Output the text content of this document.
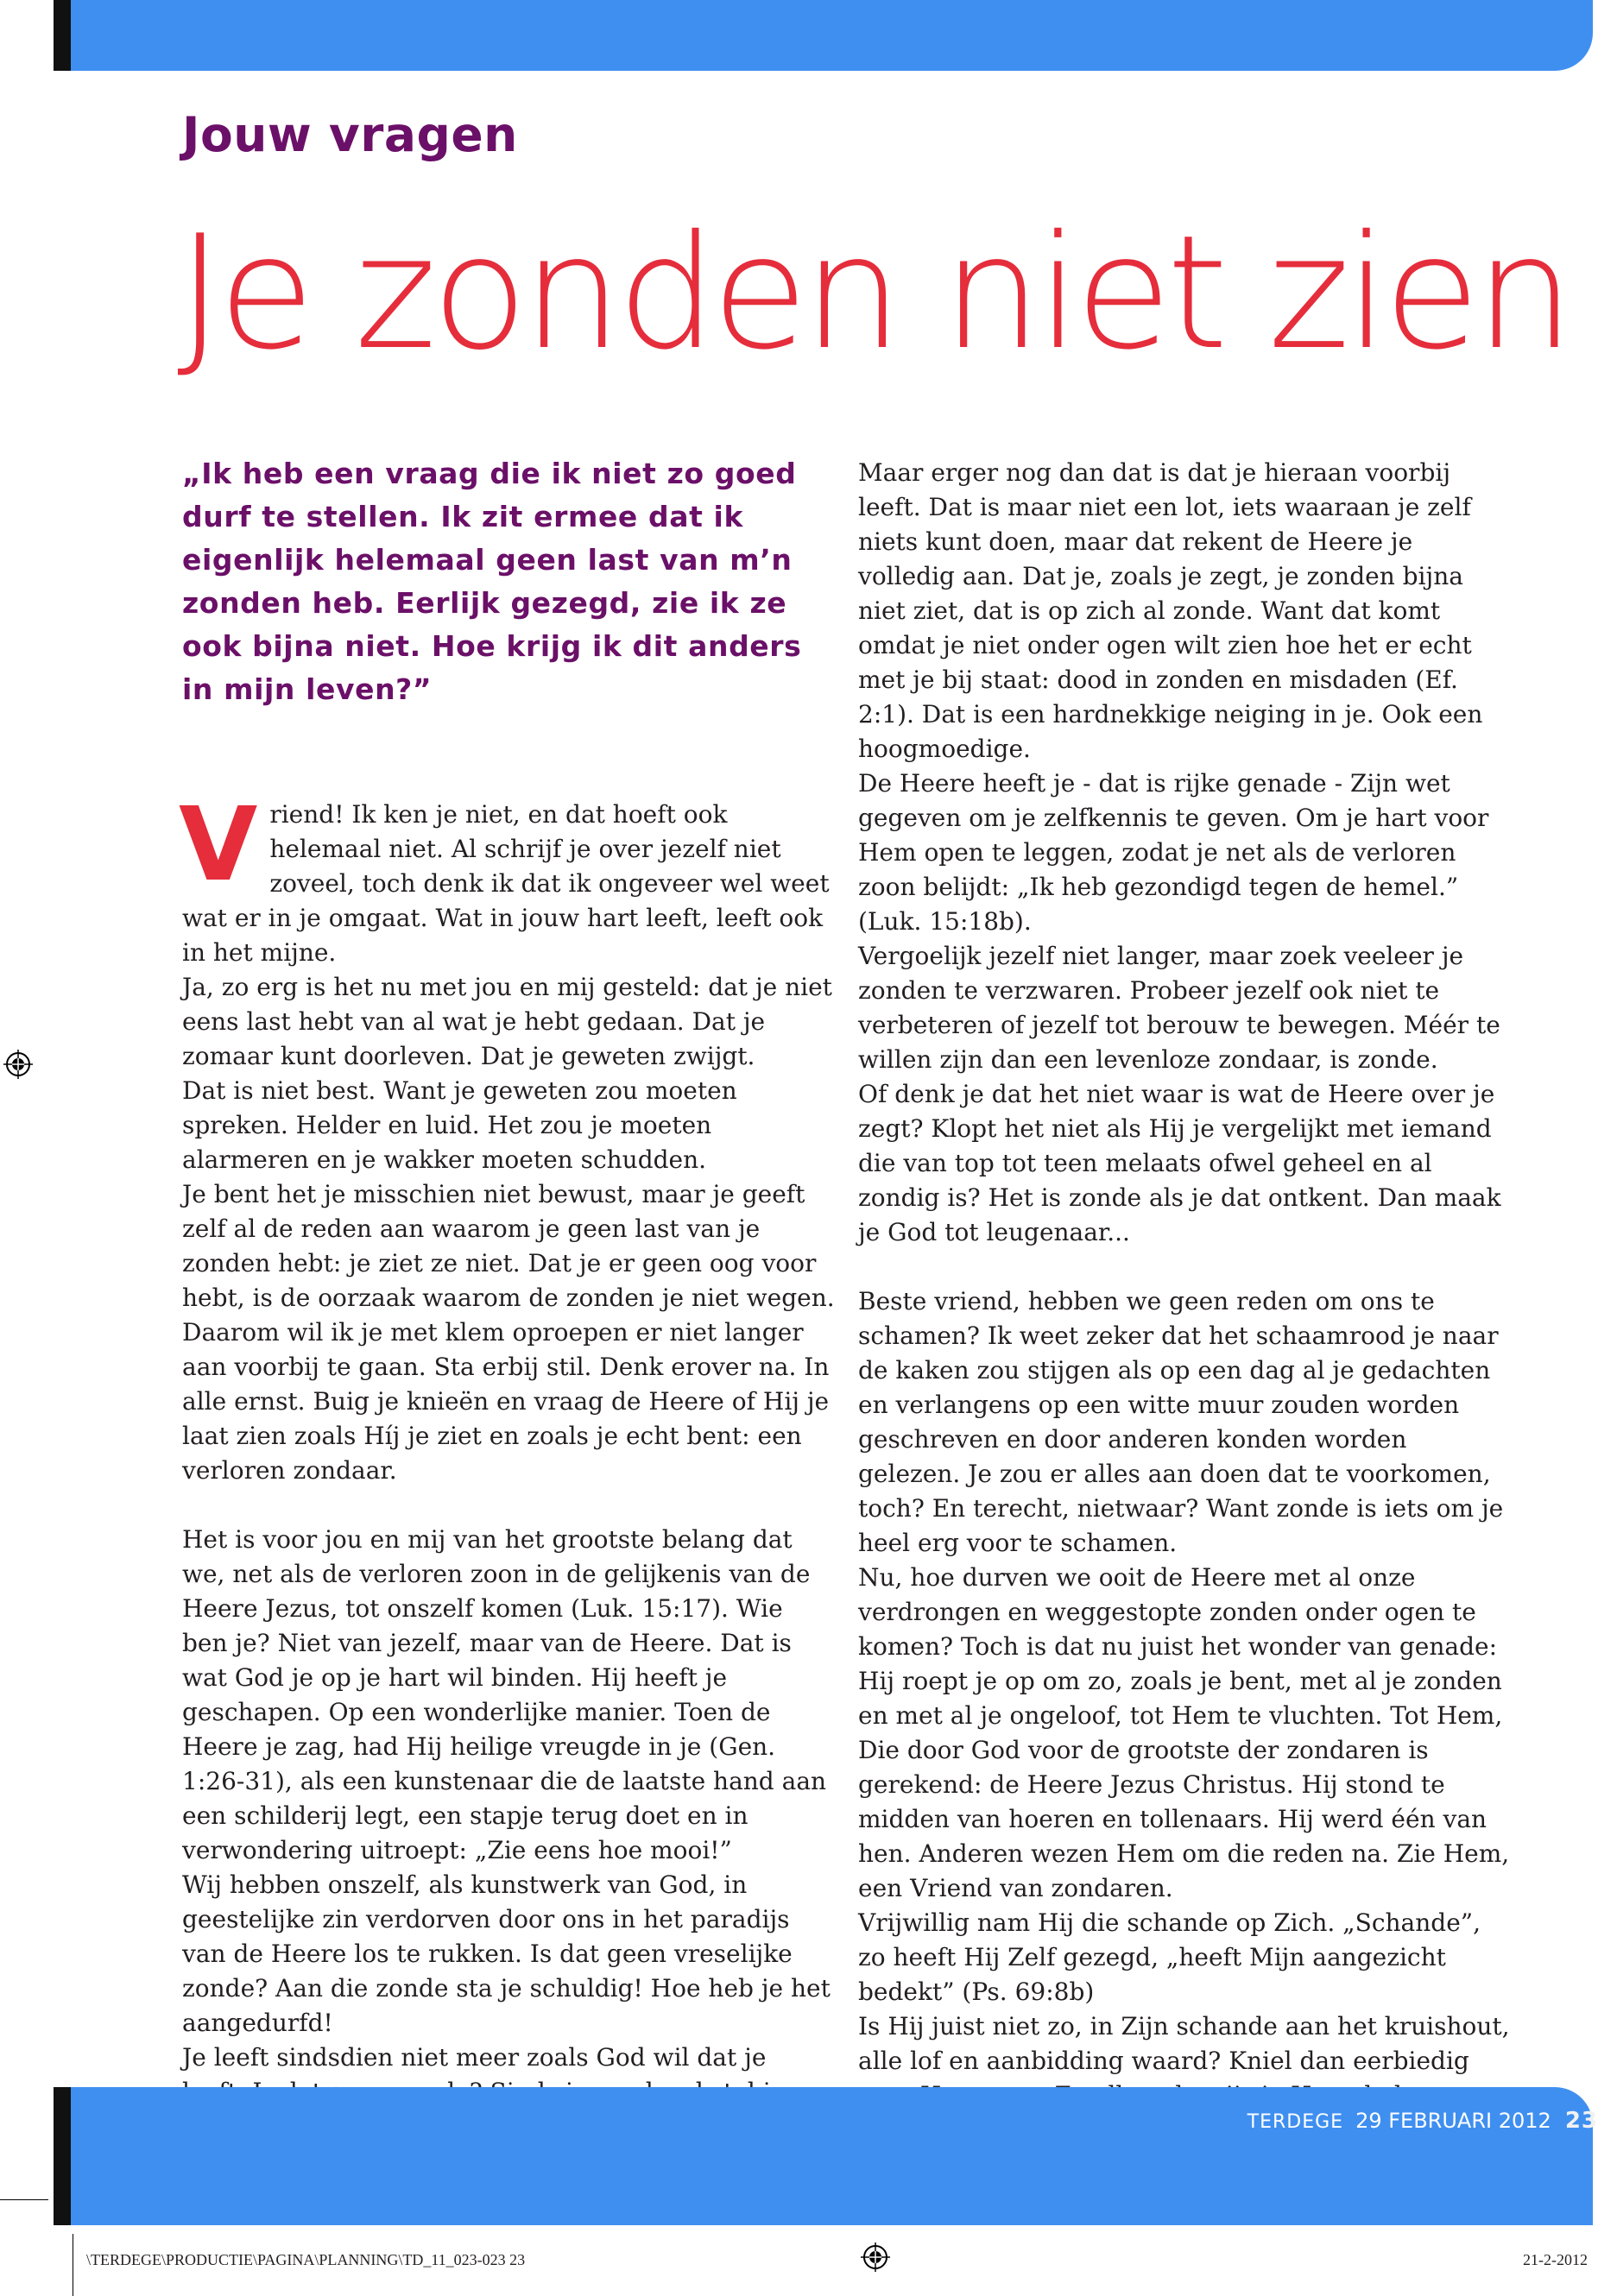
Jouw vragen
Je zonden niet zien

„Ik heb een vraag die ik niet zo goed durf te stellen. Ik zit ermee dat ik eigenlijk helemaal geen last van m’n zonden heb. Eerlijk gezegd, zie ik ze ook bijna niet. Hoe krijg ik dit anders in mijn leven?”

Vriend! Ik ken je niet, en dat hoeft ook helemaal niet. Al schrijf je over jezelf niet zoveel, toch denk ik dat ik ongeveer wel weet wat er in je omgaat. Wat in jouw hart leeft, leeft ook in het mijne.

Ja, zo erg is het nu met jou en mij gesteld: dat je niet eens last hebt van al wat je hebt gedaan. Dat je zomaar kunt doorleven. Dat je geweten zwijgt.

Dat is niet best. Want je geweten zou moeten spreken. Helder en luid. Het zou je moeten alarmeren en je wakker moeten schudden.

Je bent het je misschien niet bewust, maar je geeft zelf al de reden aan waarom je geen last van je zonden hebt: je ziet ze niet. Dat je er geen oog voor hebt, is de oorzaak waarom de zonden je niet wegen.

Daarom wil ik je met klem oproepen er niet langer aan voorbij te gaan. Sta erbij stil. Denk erover na. In alle ernst. Buig je knieën en vraag de Heere of Hij je laat zien zoals Híj je ziet en zoals je echt bent: een verloren zondaar.

Het is voor jou en mij van het grootste belang dat we, net als de verloren zoon in de gelijkenis van de Heere Jezus, tot onszelf komen (Luk. 15:17). Wie ben je? Niet van jezelf, maar van de Heere. Dat is wat God je op je hart wil binden. Hij heeft je geschapen. Op een wonderlijke manier. Toen de Heere je zag, had Hij heilige vreugde in je (Gen. 1:26-31), als een kunstenaar die de laatste hand aan een schilderij legt, een stapje terug doet en in verwondering uitroept: „Zie eens hoe mooi!”

Wij hebben onszelf, als kunstwerk van God, in geestelijke zin verdorven door ons in het paradijs van de Heere los te rukken. Is dat geen vreselijke zonde? Aan die zonde sta je schuldig! Hoe heb je het aangedurfd!

Je leeft sindsdien niet meer zoals God wil dat je

Maar erger nog dan dat is dat je hieraan voorbij leeft. Dat is maar niet een lot, iets waaraan je zelf niets kunt doen, maar dat rekent de Heere je volledig aan. Dat je, zoals je zegt, je zonden bijna niet ziet, dat is op zich al zonde. Want dat komt omdat je niet onder ogen wilt zien hoe het er echt met je bij staat: dood in zonden en misdaden (Ef. 2:1). Dat is een hardnekkige neiging in je. Ook een hoogmoedige.

De Heere heeft je - dat is rijke genade - Zijn wet gegeven om je zelfkennis te geven. Om je hart voor Hem open te leggen, zodat je net als de verloren zoon belijdt: „Ik heb gezondigd tegen de hemel.” (Luk. 15:18b).

Vergoelijk jezelf niet langer, maar zoek veeleer je zonden te verzwaren. Probeer jezelf ook niet te verbeteren of jezelf tot berouw te bewegen. Méér te willen zijn dan een levenloze zondaar, is zonde.

Of denk je dat het niet waar is wat de Heere over je zegt? Klopt het niet als Hij je vergelijkt met iemand die van top tot teen melaats ofwel geheel en al zondig is? Het is zonde als je dat ontkent. Dan maak je God tot leugenaar...

Beste vriend, hebben we geen reden om ons te schamen? Ik weet zeker dat het schaamrood je naar de kaken zou stijgen als op een dag al je gedachten en verlangens op een witte muur zouden worden geschreven en door anderen konden worden gelezen. Je zou er alles aan doen dat te voorkomen, toch? En terecht, nietwaar? Want zonde is iets om je heel erg voor te schamen.

Nu, hoe durven we ooit de Heere met al onze verdrongen en weggestopte zonden onder ogen te komen? Toch is dat nu juist het wonder van genade: Hij roept je op om zo, zoals je bent, met al je zonden en met al je ongeloof, tot Hem te vluchten. Tot Hem, Die door God voor de grootste der zondaren is gerekend: de Heere Jezus Christus. Hij stond te midden van hoeren en tollenaars. Hij werd één van hen. Anderen wezen Hem om die reden na. Zie Hem, een Vriend van zondaren.

Vrijwillig nam Hij die schande op Zich. „Schande”, zo heeft Hij Zelf gezegd, „heeft Mijn aangezicht bedekt” (Ps. 69:8b)

Is Hij juist niet zo, in Zijn schande aan het kruishout, alle lof en aanbidding waard? Kniel dan eerbiedig

TERDEGE 29 FEBRUARI 2012 23
\TERDEGE\PRODUCTIE\PAGINA\PLANNING\TD_11_023-023 23	21-2-2012
